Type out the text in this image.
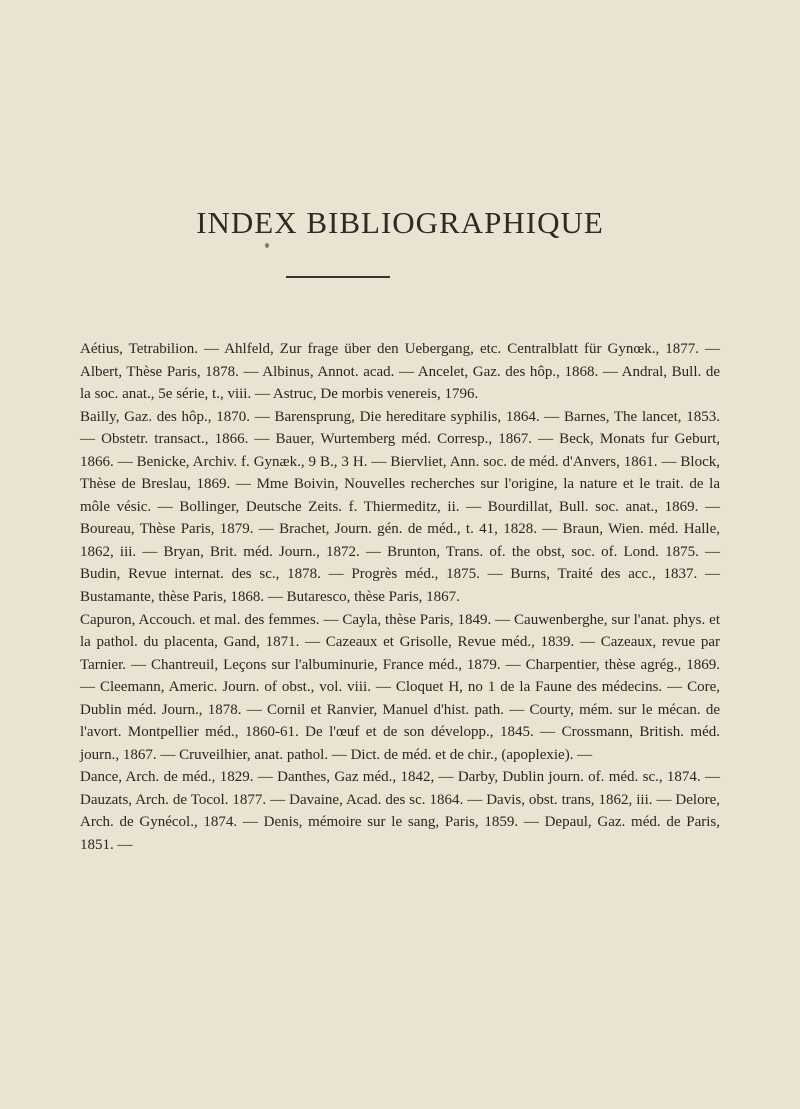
INDEX BIBLIOGRAPHIQUE

Aétius, Tetrabilion. — Ahlfeld, Zur frage über den Uebergang, etc. Centralblatt für Gynœk., 1877. — Albert, Thèse Paris, 1878. — Albinus, Annot. acad. — Ancelet, Gaz. des hôp., 1868. — Andral, Bull. de la soc. anat., 5e série, t., viii. — Astruc, De morbis venereis, 1796.

Bailly, Gaz. des hôp., 1870. — Barensprung, Die hereditare syphilis, 1864. — Barnes, The lancet, 1853. — Obstetr. transact., 1866. — Bauer, Wurtemberg méd. Corresp., 1867. — Beck, Monats fur Geburt, 1866. — Benicke, Archiv. f. Gynæk., 9 B., 3 H. — Biervliet, Ann. soc. de méd. d'Anvers, 1861. — Block, Thèse de Breslau, 1869. — Mme Boivin, Nouvelles recherches sur l'origine, la nature et le trait. de la môle vésic. — Bollinger, Deutsche Zeits. f. Thiermeditz, ii. — Bourdillat, Bull. soc. anat., 1869. — Boureau, Thèse Paris, 1879. — Brachet, Journ. gén. de méd., t. 41, 1828. — Braun, Wien. méd. Halle, 1862, iii. — Bryan, Brit. méd. Journ., 1872. — Brunton, Trans. of. the obst, soc. of. Lond. 1875. — Budin, Revue internat. des sc., 1878. — Progrès méd., 1875. — Burns, Traité des acc., 1837. — Bustamante, thèse Paris, 1868. — Butaresco, thèse Paris, 1867.

Capuron, Accouch. et mal. des femmes. — Cayla, thèse Paris, 1849. — Cauwenberghe, sur l'anat. phys. et la pathol. du placenta, Gand, 1871. — Cazeaux et Grisolle, Revue méd., 1839. — Cazeaux, revue par Tarnier. — Chantreuil, Leçons sur l'albuminurie, France méd., 1879. — Charpentier, thèse agrég., 1869. — Cleemann, Americ. Journ. of obst., vol. viii. — Cloquet H, no 1 de la Faune des médecins. — Core, Dublin méd. Journ., 1878. — Cornil et Ranvier, Manuel d'hist. path. — Courty, mém. sur le mécan. de l'avort. Montpellier méd., 1860-61. De l'œuf et de son développ., 1845. — Crossmann, British. méd. journ., 1867. — Cruveilhier, anat. pathol. — Dict. de méd. et de chir., (apoplexie). —

Dance, Arch. de méd., 1829. — Danthes, Gaz méd., 1842, — Darby, Dublin journ. of. méd. sc., 1874. — Dauzats, Arch. de Tocol. 1877. — Davaine, Acad. des sc. 1864. — Davis, obst. trans, 1862, iii. — Delore, Arch. de Gynécol., 1874. — Denis, mémoire sur le sang, Paris, 1859. — Depaul, Gaz. méd. de Paris, 1851. —
